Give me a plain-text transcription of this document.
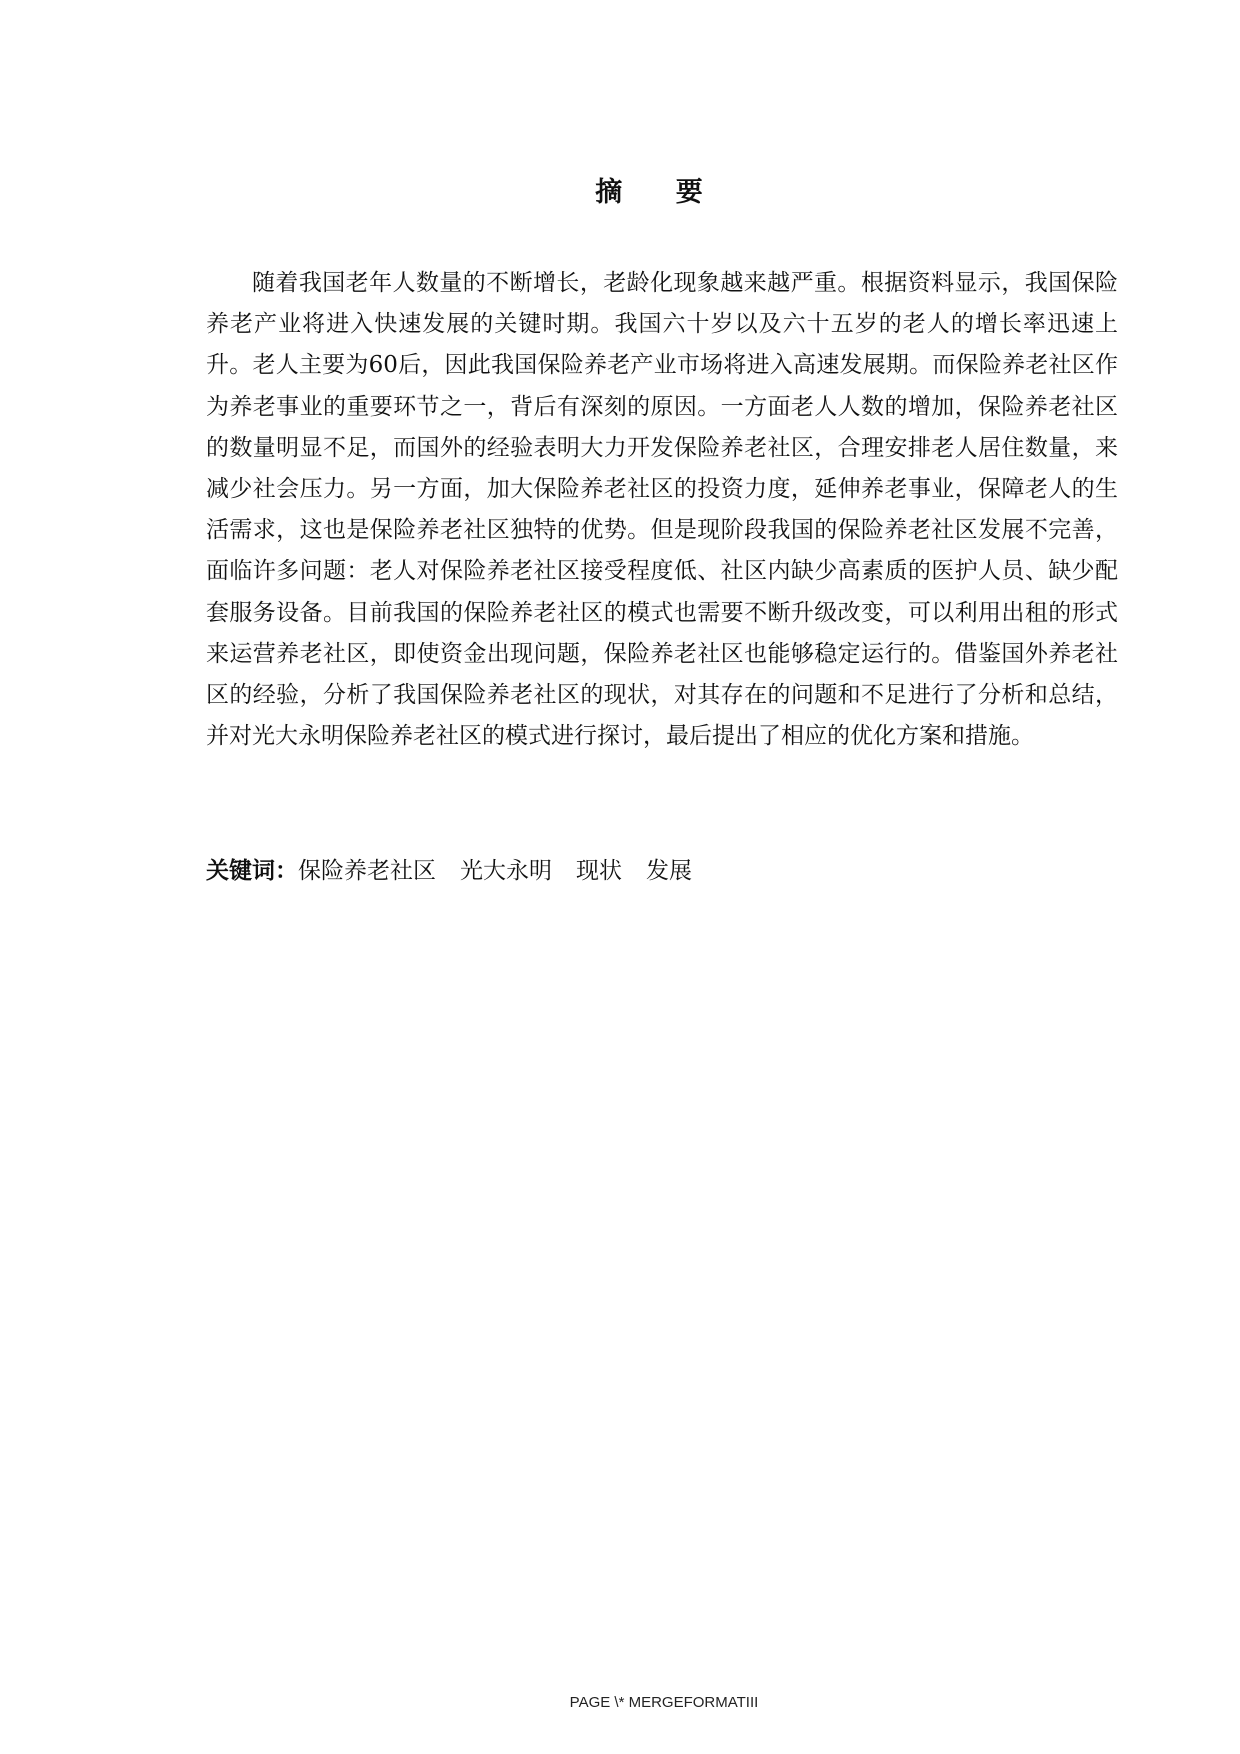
摘 要

随着我国老年人数量的不断增长，老龄化现象越来越严重。根据资料显示，我国保险养老产业将进入快速发展的关键时期。我国六十岁以及六十五岁的老人的增长率迅速上升。老人主要为60后，因此我国保险养老产业市场将进入高速发展期。而保险养老社区作为养老事业的重要环节之一，背后有深刻的原因。一方面老人人数的增加，保险养老社区的数量明显不足，而国外的经验表明大力开发保险养老社区，合理安排老人居住数量，来减少社会压力。另一方面，加大保险养老社区的投资力度，延伸养老事业，保障老人的生活需求，这也是保险养老社区独特的优势。但是现阶段我国的保险养老社区发展不完善，面临许多问题：老人对保险养老社区接受程度低、社区内缺少高素质的医护人员、缺少配套服务设备。目前我国的保险养老社区的模式也需要不断升级改变，可以利用出租的形式来运营养老社区，即使资金出现问题，保险养老社区也能够稳定运行的。借鉴国外养老社区的经验，分析了我国保险养老社区的现状，对其存在的问题和不足进行了分析和总结，并对光大永明保险养老社区的模式进行探讨，最后提出了相应的优化方案和措施。

关键词：保险养老社区 光大永明 现状 发展

PAGE \* MERGEFORMATIII
